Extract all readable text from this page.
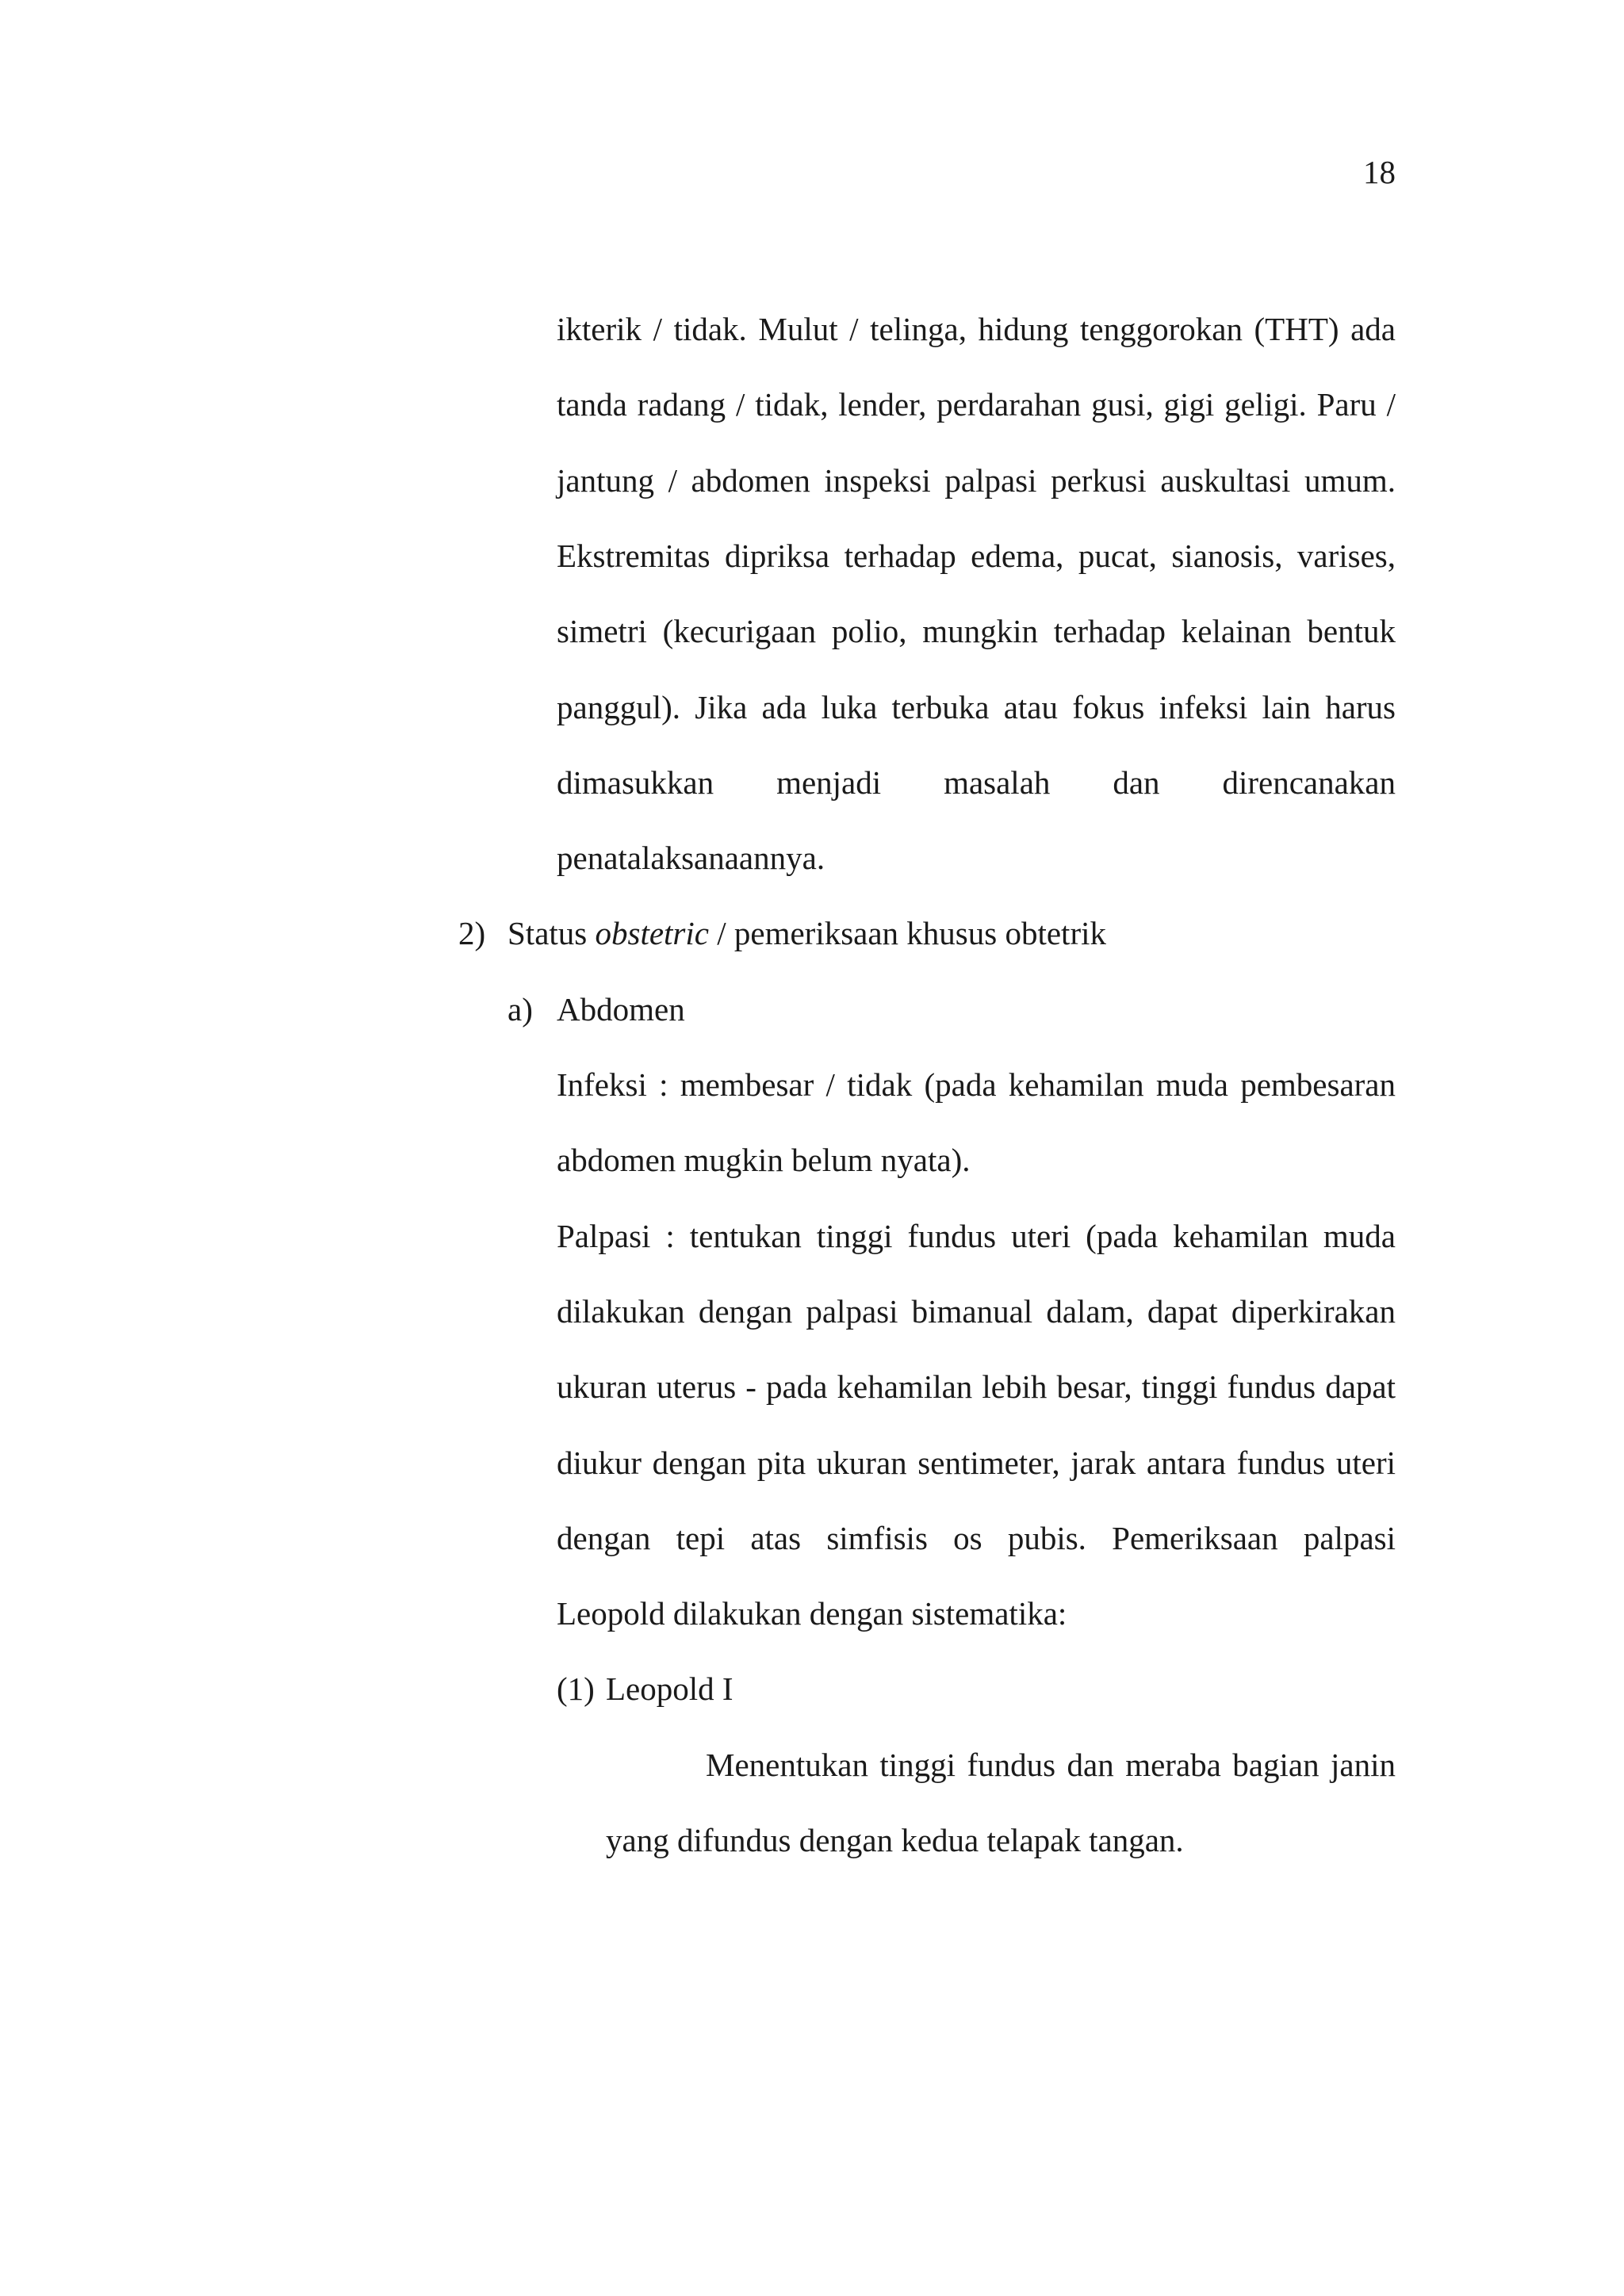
18
ikterik / tidak. Mulut / telinga, hidung tenggorokan (THT) ada
tanda radang / tidak, lender, perdarahan gusi, gigi geligi. Paru /
jantung / abdomen inspeksi palpasi perkusi auskultasi umum.
Ekstremitas dipriksa terhadap edema, pucat, sianosis, varises,
simetri (kecurigaan polio, mungkin terhadap kelainan bentuk
panggul). Jika ada luka terbuka atau fokus infeksi lain harus
dimasukkan menjadi masalah dan direncanakan
penatalaksanaannya.
2) Status obstetric / pemeriksaan khusus obtetrik
a) Abdomen
Infeksi : membesar / tidak (pada kehamilan muda pembesaran
abdomen mugkin belum nyata).
Palpasi : tentukan tinggi fundus uteri (pada kehamilan muda
dilakukan dengan palpasi bimanual dalam, dapat diperkirakan
ukuran uterus - pada kehamilan lebih besar, tinggi fundus dapat
diukur dengan pita ukuran sentimeter, jarak antara fundus uteri
dengan tepi atas simfisis os pubis. Pemeriksaan palpasi
Leopold dilakukan dengan sistematika:
(1) Leopold I
Menentukan tinggi fundus dan meraba bagian janin
yang difundus dengan kedua telapak tangan.
